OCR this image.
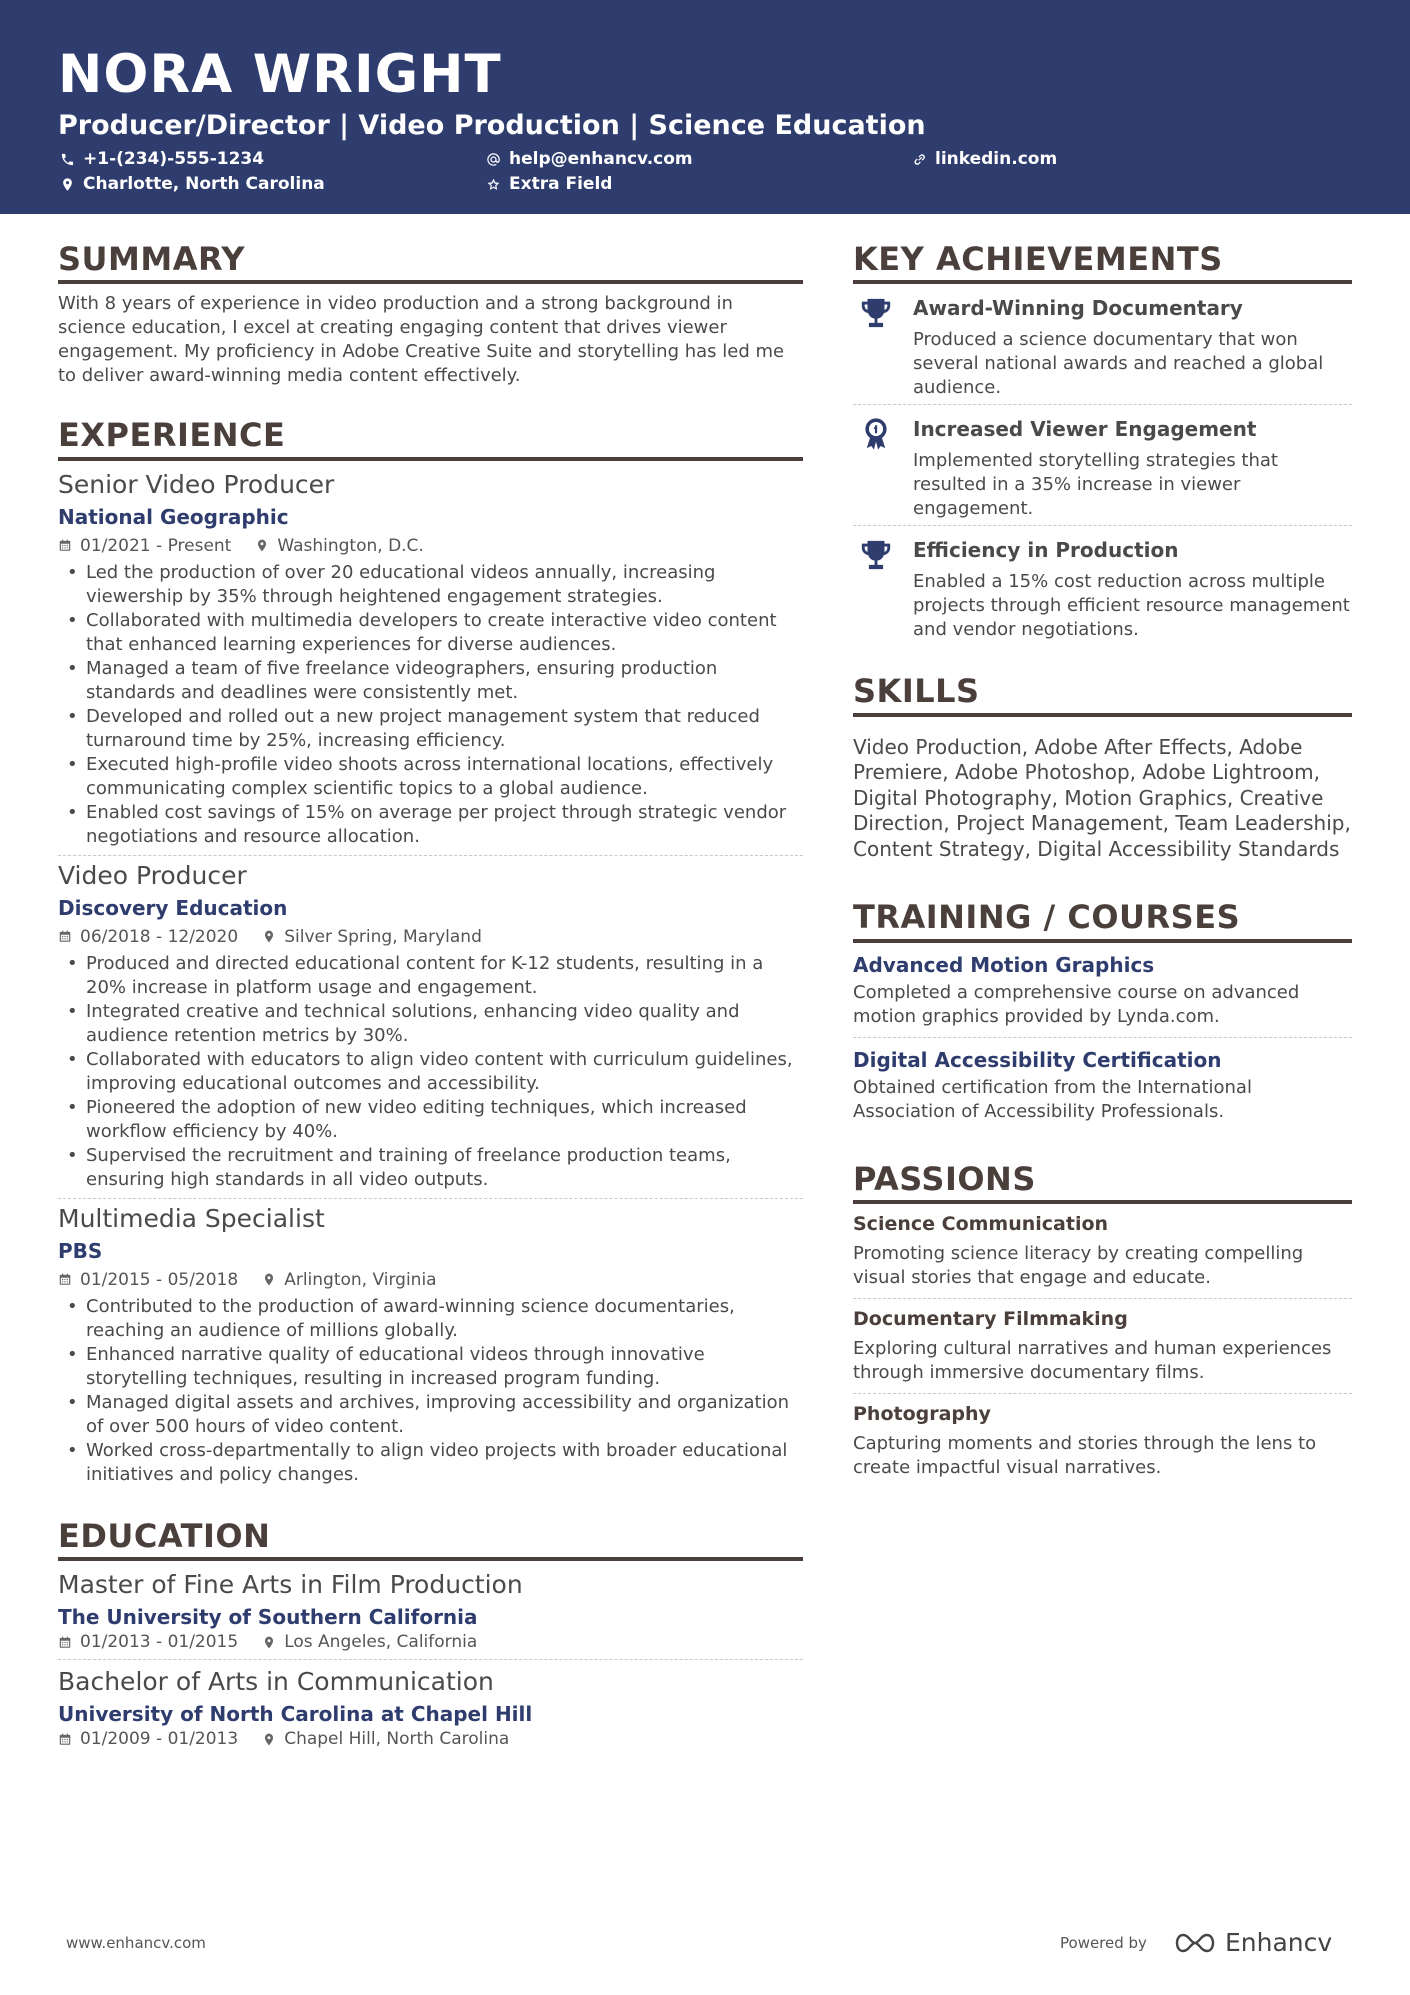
NORA WRIGHT
Producer/Director | Video Production | Science Education
+1-(234)-555-1234	help@enhancv.com	linkedin.com
Charlotte, North Carolina	Extra Field
SUMMARY
With 8 years of experience in video production and a strong background in science education, I excel at creating engaging content that drives viewer engagement. My proficiency in Adobe Creative Suite and storytelling has led me to deliver award-winning media content effectively.
EXPERIENCE
Senior Video Producer
National Geographic
01/2021 - Present	Washington, D.C.
• Led the production of over 20 educational videos annually, increasing viewership by 35% through heightened engagement strategies.
• Collaborated with multimedia developers to create interactive video content that enhanced learning experiences for diverse audiences.
• Managed a team of five freelance videographers, ensuring production standards and deadlines were consistently met.
• Developed and rolled out a new project management system that reduced turnaround time by 25%, increasing efficiency.
• Executed high-profile video shoots across international locations, effectively communicating complex scientific topics to a global audience.
• Enabled cost savings of 15% on average per project through strategic vendor negotiations and resource allocation.
Video Producer
Discovery Education
06/2018 - 12/2020	Silver Spring, Maryland
• Produced and directed educational content for K-12 students, resulting in a 20% increase in platform usage and engagement.
• Integrated creative and technical solutions, enhancing video quality and audience retention metrics by 30%.
• Collaborated with educators to align video content with curriculum guidelines, improving educational outcomes and accessibility.
• Pioneered the adoption of new video editing techniques, which increased workflow efficiency by 40%.
• Supervised the recruitment and training of freelance production teams, ensuring high standards in all video outputs.
Multimedia Specialist
PBS
01/2015 - 05/2018	Arlington, Virginia
• Contributed to the production of award-winning science documentaries, reaching an audience of millions globally.
• Enhanced narrative quality of educational videos through innovative storytelling techniques, resulting in increased program funding.
• Managed digital assets and archives, improving accessibility and organization of over 500 hours of video content.
• Worked cross-departmentally to align video projects with broader educational initiatives and policy changes.
EDUCATION
Master of Fine Arts in Film Production
The University of Southern California
01/2013 - 01/2015	Los Angeles, California
Bachelor of Arts in Communication
University of North Carolina at Chapel Hill
01/2009 - 01/2013	Chapel Hill, North Carolina
KEY ACHIEVEMENTS
Award-Winning Documentary
Produced a science documentary that won several national awards and reached a global audience.
Increased Viewer Engagement
Implemented storytelling strategies that resulted in a 35% increase in viewer engagement.
Efficiency in Production
Enabled a 15% cost reduction across multiple projects through efficient resource management and vendor negotiations.
SKILLS
Video Production, Adobe After Effects, Adobe Premiere, Adobe Photoshop, Adobe Lightroom, Digital Photography, Motion Graphics, Creative Direction, Project Management, Team Leadership, Content Strategy, Digital Accessibility Standards
TRAINING / COURSES
Advanced Motion Graphics
Completed a comprehensive course on advanced motion graphics provided by Lynda.com.
Digital Accessibility Certification
Obtained certification from the International Association of Accessibility Professionals.
PASSIONS
Science Communication
Promoting science literacy by creating compelling visual stories that engage and educate.
Documentary Filmmaking
Exploring cultural narratives and human experiences through immersive documentary films.
Photography
Capturing moments and stories through the lens to create impactful visual narratives.
www.enhancv.com	Powered by	Enhancv
